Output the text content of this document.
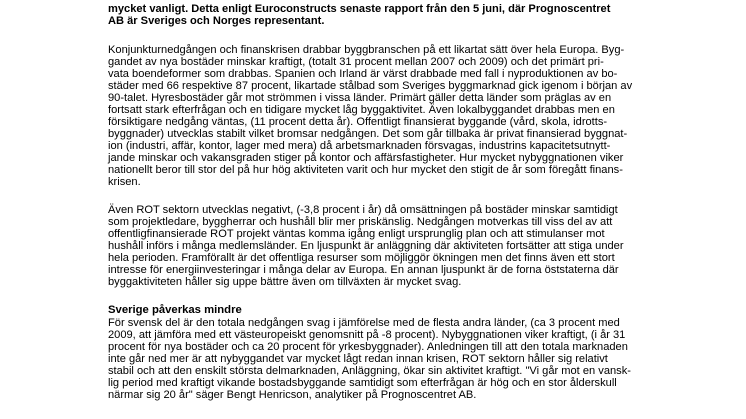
mycket vanligt. Detta enligt Euroconstructs senaste rapport från den 5 juni, där Prognoscentret
AB är Sveriges och Norges representant.
Konjunkturnedgången och finanskrisen drabbar byggbranschen på ett likartat sätt över hela Europa. Byg-
gandet av nya bostäder minskar kraftigt, (totalt 31 procent mellan 2007 och 2009) och det primärt pri-
vata boendeformer som drabbas. Spanien och Irland är värst drabbade med fall i nyproduktionen av bo-
städer med 66 respektive 87 procent, likartade stålbad som Sveriges byggmarknad gick igenom i början av
90-talet. Hyresbostäder går mot strömmen i vissa länder. Primärt gäller detta länder som präglas av en
fortsatt stark efterfrågan och en tidigare mycket låg byggaktivitet. Även lokalbyggandet drabbas men en
försiktigare nedgång väntas, (11 procent detta år). Offentligt finansierat byggande (vård, skola, idrotts-
byggnader) utvecklas stabilt vilket bromsar nedgången. Det som går tillbaka är privat finansierad byggnat-
ion (industri, affär, kontor, lager med mera) då arbetsmarknaden försvagas, industrins kapacitetsutnytt-
jande minskar och vakansgraden stiger på kontor och affärsfastigheter. Hur mycket nybyggnationen viker
nationellt beror till stor del på hur hög aktiviteten varit och hur mycket den stigit de år som föregått finans-
krisen.
Även ROT sektorn utvecklas negativt, (-3,8 procent i år) då omsättningen på bostäder minskar samtidigt
som projektledare, byggherrar och hushåll blir mer priskänslig. Nedgången motverkas till viss del av att
offentligfinansierade ROT projekt väntas komma igång enligt ursprunglig plan och att stimulanser mot
hushåll införs i många medlemsländer. En ljuspunkt är anläggning där aktiviteten fortsätter att stiga under
hela perioden. Framförallt är det offentliga resurser som möjliggör ökningen men det finns även ett stort
intresse för energiinvesteringar i många delar av Europa. En annan ljuspunkt är de forna öststaterna där
byggaktiviteten håller sig uppe bättre även om tillväxten är mycket svag.
Sverige påverkas mindre
För svensk del är den totala nedgången svag i jämförelse med de flesta andra länder, (ca 3 procent med
2009, att jämföra med ett västeuropeiskt genomsnitt på -8 procent). Nybyggnationen viker kraftigt, (i år 31
procent för nya bostäder och ca 20 procent för yrkesbyggnader). Anledningen till att den totala marknaden
inte går ned mer är att nybyggandet var mycket lågt redan innan krisen, ROT sektorn håller sig relativt
stabil och att den enskilt största delmarknaden, Anläggning, ökar sin aktivitet kraftigt. "Vi går mot en vansk-
lig period med kraftigt vikande bostadsbyggande samtidigt som efterfrågan är hög och en stor ålderskull
närmar sig 20 år" säger Bengt Henricson, analytiker på Prognoscentret AB.
